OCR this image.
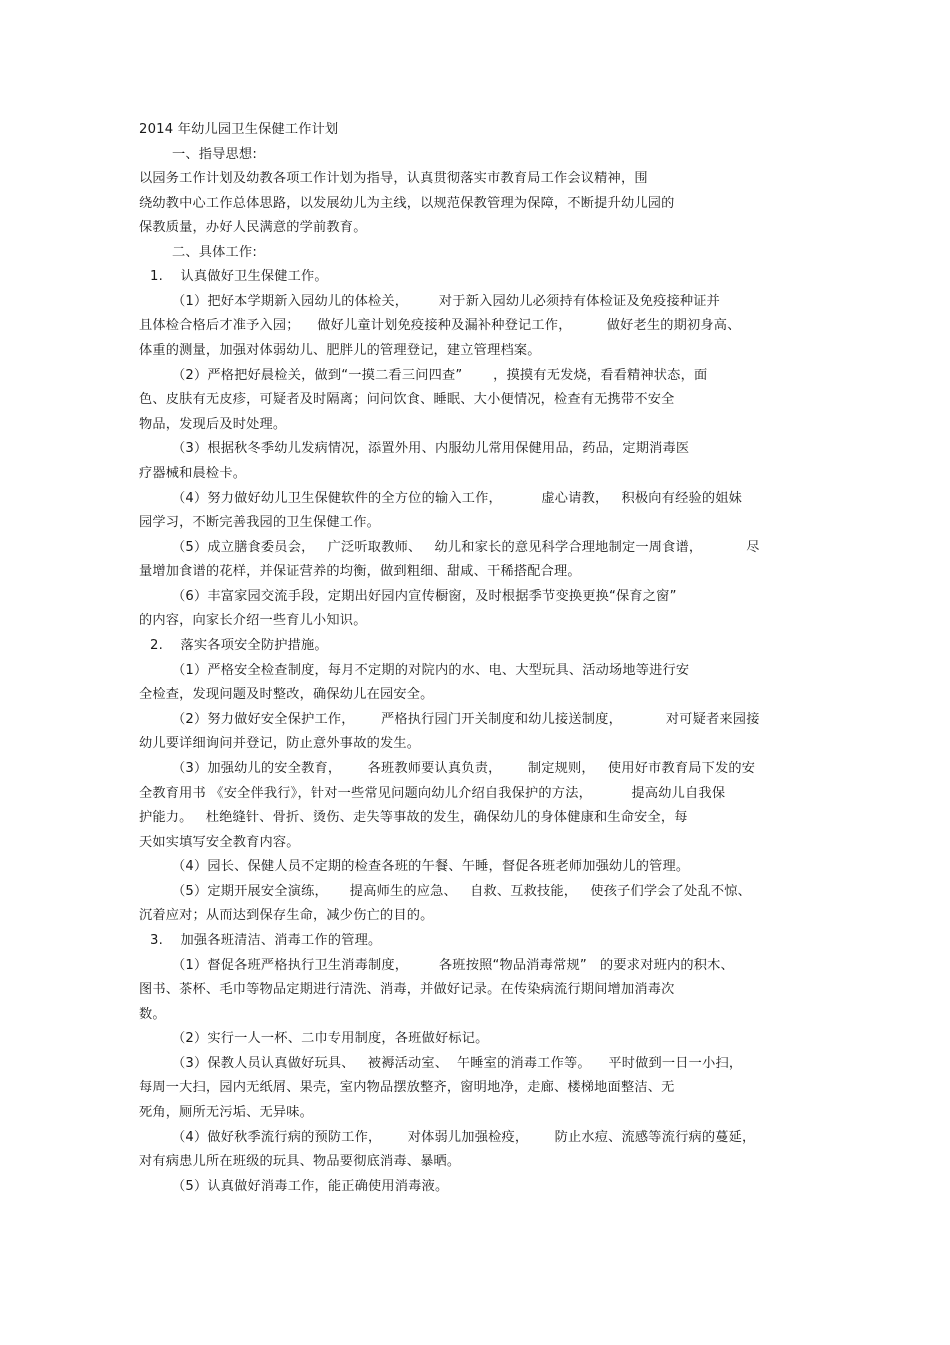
2014 年幼儿园卫生保健工作计划
一、指导思想:
以园务工作计划及幼教各项工作计划为指导，认真贯彻落实市教育局工作会议精神，围
绕幼教中心工作总体思路，以发展幼儿为主线，以规范保教管理为保障，不断提升幼儿园的
保教质量，办好人民满意的学前教育。
二、具体工作:
1.    认真做好卫生保健工作。
（1）把好本学期新入园幼儿的体检关，       对于新入园幼儿必须持有体检证及免疫接种证并
且体检合格后才准予入园；    做好儿童计划免疫接种及漏补种登记工作，        做好老生的期初身高、
体重的测量，加强对体弱幼儿、肥胖儿的管理登记，建立管理档案。
（2）严格把好晨检关，做到“一摸二看三问四查”       ，摸摸有无发烧，看看精神状态，面
色、皮肤有无皮疹，可疑者及时隔离；问问饮食、睡眠、大小便情况，检查有无携带不安全
物品，发现后及时处理。
（3）根据秋冬季幼儿发病情况，添置外用、内服幼儿常用保健用品，药品，定期消毒医
疗器械和晨检卡。
（4）努力做好幼儿卫生保健软件的全方位的输入工作，         虚心请教，   积极向有经验的姐妹
园学习，不断完善我园的卫生保健工作。
（5）成立膳食委员会，   广泛听取教师、   幼儿和家长的意见科学合理地制定一周食谱，          尽
量增加食谱的花样，并保证营养的均衡，做到粗细、甜咸、干稀搭配合理。
（6）丰富家园交流手段，定期出好园内宣传橱窗，及时根据季节变换更换“保育之窗”
的内容，向家长介绍一些育儿小知识。
2.    落实各项安全防护措施。
（1）严格安全检查制度，每月不定期的对院内的水、电、大型玩具、活动场地等进行安
全检查，发现问题及时整改，确保幼儿在园安全。
（2）努力做好安全保护工作，      严格执行园门开关制度和幼儿接送制度，          对可疑者来园接
幼儿要详细询问并登记，防止意外事故的发生。
（3）加强幼儿的安全教育，      各班教师要认真负责，      制定规则，   使用好市教育局下发的安
全教育用书 《安全伴我行》，针对一些常见问题向幼儿介绍自我保护的方法，         提高幼儿自我保
护能力。   杜绝缝针、骨折、烫伤、走失等事故的发生，确保幼儿的身体健康和生命安全，每
天如实填写安全教育内容。
（4）园长、保健人员不定期的检查各班的午餐、午睡，督促各班老师加强幼儿的管理。
（5）定期开展安全演练，     提高师生的应急、   自救、互救技能，   使孩子们学会了处乱不惊、
沉着应对；从而达到保存生命，减少伤亡的目的。
3.    加强各班清洁、消毒工作的管理。
（1）督促各班严格执行卫生消毒制度，       各班按照“物品消毒常规”   的要求对班内的积木、
图书、茶杯、毛巾等物品定期进行清洗、消毒，并做好记录。在传染病流行期间增加消毒次
数。
（2）实行一人一杯、二巾专用制度，各班做好标记。
（3）保教人员认真做好玩具、   被褥活动室、  午睡室的消毒工作等。    平时做到一日一小扫，
每周一大扫，园内无纸屑、果壳，室内物品摆放整齐，窗明地净，走廊、楼梯地面整洁、无
死角，厕所无污垢、无异味。
（4）做好秋季流行病的预防工作，      对体弱儿加强检疫，      防止水痘、流感等流行病的蔓延，
对有病患儿所在班级的玩具、物品要彻底消毒、暴晒。
（5）认真做好消毒工作，能正确使用消毒液。
